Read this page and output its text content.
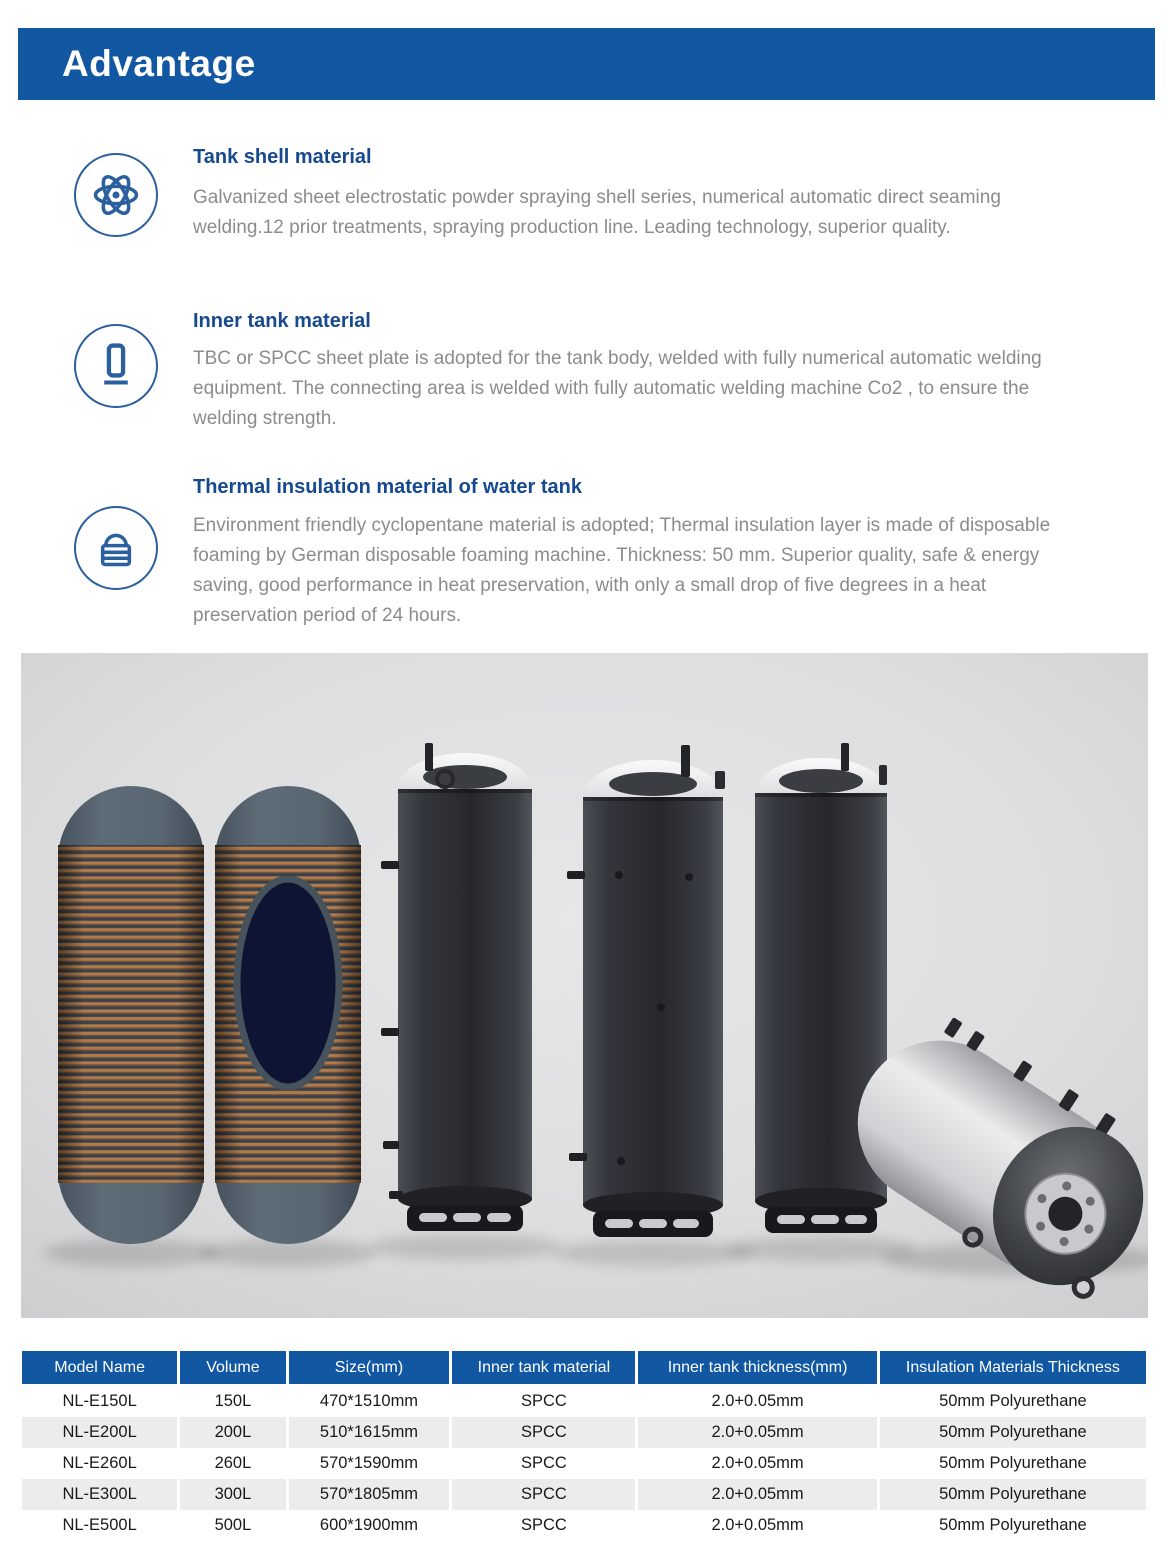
Advantage
Tank shell material
Galvanized sheet electrostatic powder spraying shell series, numerical automatic direct seaming welding.12 prior treatments, spraying production line. Leading technology, superior quality.
Inner tank material
TBC or SPCC sheet plate is adopted for the tank body, welded with fully numerical automatic welding equipment. The connecting area is welded with fully automatic welding machine Co2 , to ensure the welding strength.
Thermal insulation material of water tank
Environment friendly cyclopentane material is adopted; Thermal insulation layer is made of disposable foaming by German disposable foaming machine. Thickness: 50 mm. Superior quality, safe & energy saving, good performance in heat preservation, with only a small drop of five degrees in a heat preservation period of 24 hours.
Model Name	Volume	Size(mm)	Inner tank material	Inner tank thickness(mm)	Insulation Materials Thickness
NL-E150L	150L	470*1510mm	SPCC	2.0+0.05mm	50mm Polyurethane
NL-E200L	200L	510*1615mm	SPCC	2.0+0.05mm	50mm Polyurethane
NL-E260L	260L	570*1590mm	SPCC	2.0+0.05mm	50mm Polyurethane
NL-E300L	300L	570*1805mm	SPCC	2.0+0.05mm	50mm Polyurethane
NL-E500L	500L	600*1900mm	SPCC	2.0+0.05mm	50mm Polyurethane
